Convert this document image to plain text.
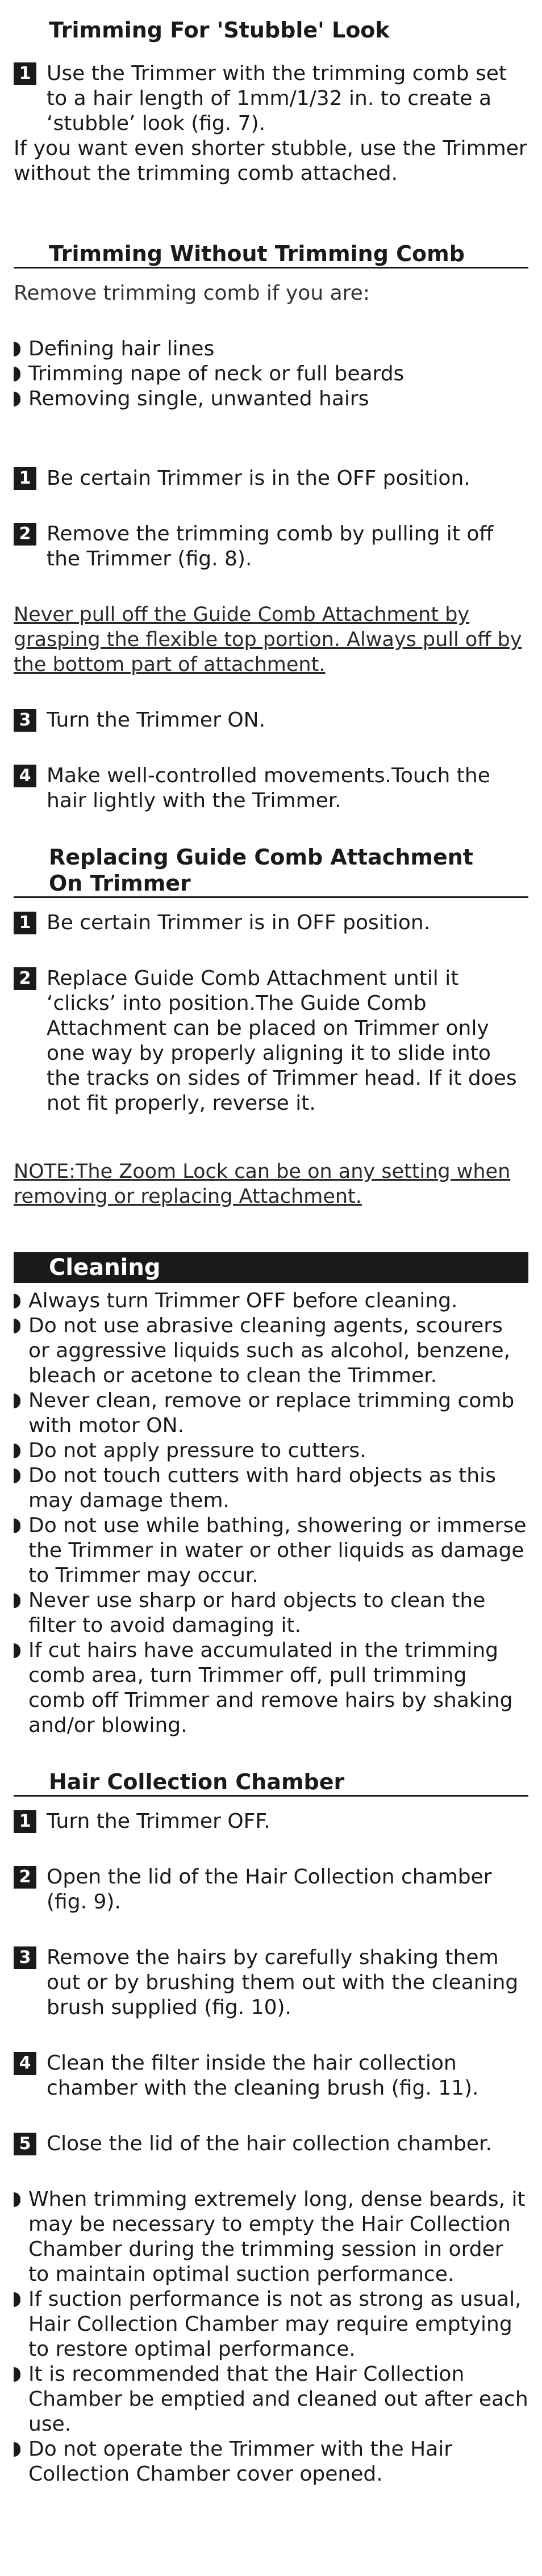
Trimming For 'Stubble' Look
1 Use the Trimmer with the trimming comb set to a hair length of 1mm/1/32 in. to create a ‘stubble’ look (fig. 7).

If you want even shorter stubble, use the Trimmer without the trimming comb attached.

Trimming Without Trimming Comb

Remove trimming comb if you are:

Defining hair lines
Trimming nape of neck or full beards
Removing single, unwanted hairs
1 Be certain Trimmer is in the OFF position.
2 Remove the trimming comb by pulling it off the Trimmer (fig. 8).

Never pull off the Guide Comb Attachment by grasping the flexible top portion. Always pull off by the bottom part of attachment.

3 Turn the Trimmer ON.
4 Make well-controlled movements.Touch the hair lightly with the Trimmer.
Replacing Guide Comb Attachment
On Trimmer
1 Be certain Trimmer is in OFF position.
2 Replace Guide Comb Attachment until it ‘clicks’ into position.The Guide Comb Attachment can be placed on Trimmer only one way by properly aligning it to slide into the tracks on sides of Trimmer head. If it does not fit properly, reverse it.

NOTE:The Zoom Lock can be on any setting when removing or replacing Attachment.

Cleaning
Always turn Trimmer OFF before cleaning.
Do not use abrasive cleaning agents, scourers or aggressive liquids such as alcohol, benzene, bleach or acetone to clean the Trimmer.
Never clean, remove or replace trimming comb with motor ON.
Do not apply pressure to cutters.
Do not touch cutters with hard objects as this may damage them.
Do not use while bathing, showering or immerse the Trimmer in water or other liquids as damage to Trimmer may occur.
Never use sharp or hard objects to clean the filter to avoid damaging it.
If cut hairs have accumulated in the trimming comb area, turn Trimmer off, pull trimming comb off Trimmer and remove hairs by shaking and/or blowing.
Hair Collection Chamber
1 Turn the Trimmer OFF.
2 Open the lid of the Hair Collection chamber (fig. 9).
3 Remove the hairs by carefully shaking them out or by brushing them out with the cleaning brush supplied (fig. 10).
4 Clean the filter inside the hair collection chamber with the cleaning brush (fig. 11).
5 Close the lid of the hair collection chamber.
When trimming extremely long, dense beards, it may be necessary to empty the Hair Collection Chamber during the trimming session in order to maintain optimal suction performance.
If suction performance is not as strong as usual, Hair Collection Chamber may require emptying to restore optimal performance.
It is recommended that the Hair Collection Chamber be emptied and cleaned out after each use.
Do not operate the Trimmer with the Hair Collection Chamber cover opened.
